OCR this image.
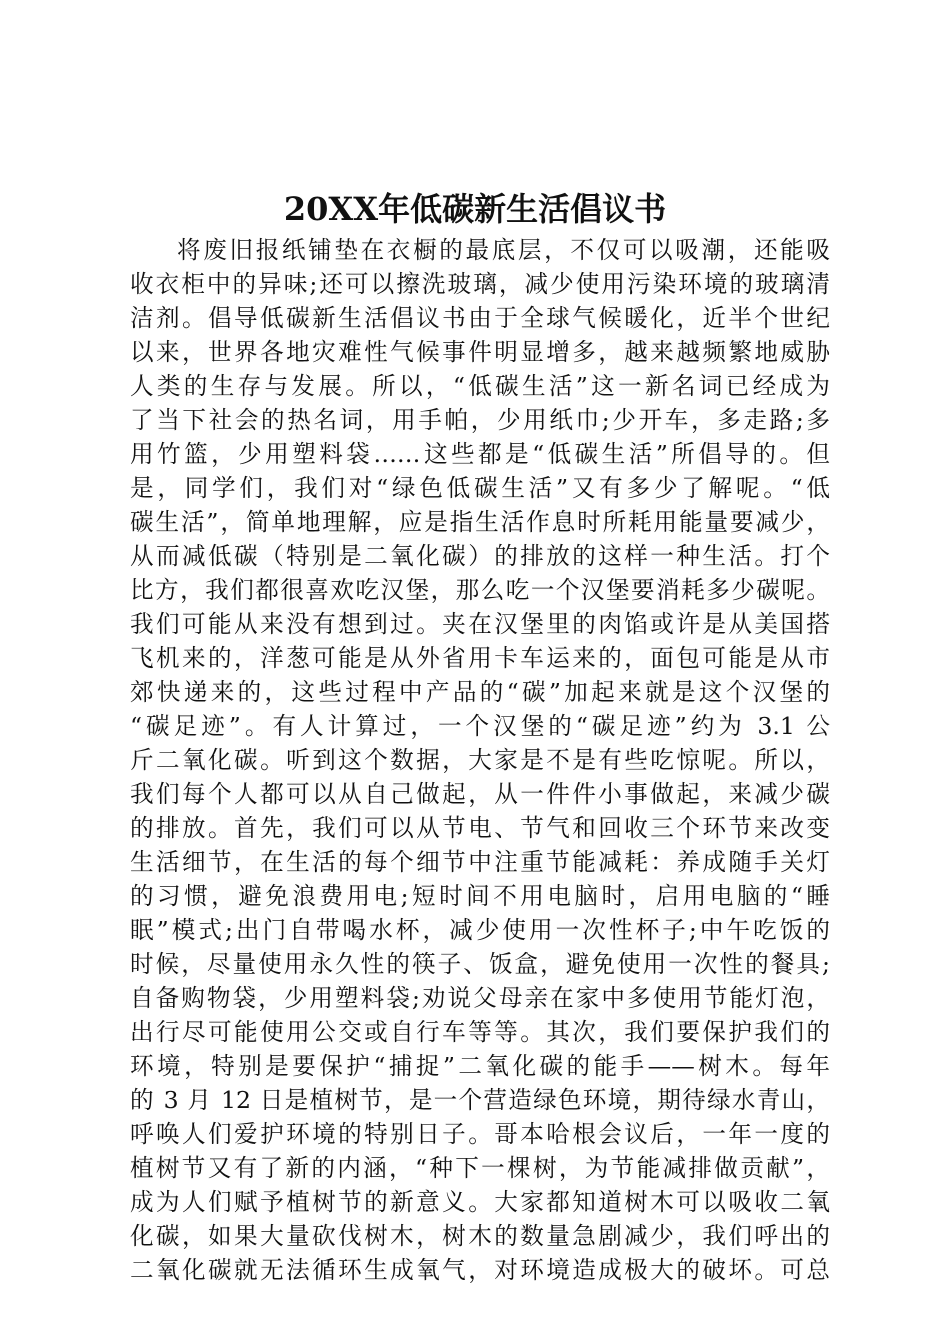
20XX年低碳新生活倡议书
将废旧报纸铺垫在衣橱的最底层，不仅可以吸潮，还能吸
收衣柜中的异味;还可以擦洗玻璃，减少使用污染环境的玻璃清
洁剂。倡导低碳新生活倡议书由于全球气候暖化，近半个世纪
以来，世界各地灾难性气候事件明显增多，越来越频繁地威胁
人类的生存与发展。所以，“低碳生活”这一新名词已经成为
了当下社会的热名词，用手帕，少用纸巾;少开车，多走路;多
用竹篮，少用塑料袋……这些都是“低碳生活”所倡导的。但
是，同学们，我们对“绿色低碳生活”又有多少了解呢。“低
碳生活”，简单地理解，应是指生活作息时所耗用能量要减少，
从而减低碳（特别是二氧化碳）的排放的这样一种生活。打个
比方，我们都很喜欢吃汉堡，那么吃一个汉堡要消耗多少碳呢。
我们可能从来没有想到过。夹在汉堡里的肉馅或许是从美国搭
飞机来的，洋葱可能是从外省用卡车运来的，面包可能是从市
郊快递来的，这些过程中产品的“碳”加起来就是这个汉堡的
“碳足迹”。有人计算过，一个汉堡的“碳足迹”约为 3.1 公
斤二氧化碳。听到这个数据，大家是不是有些吃惊呢。所以，
我们每个人都可以从自己做起，从一件件小事做起，来减少碳
的排放。首先，我们可以从节电、节气和回收三个环节来改变
生活细节，在生活的每个细节中注重节能减耗：养成随手关灯
的习惯，避免浪费用电;短时间不用电脑时，启用电脑的“睡
眠”模式;出门自带喝水杯，减少使用一次性杯子;中午吃饭的
时候，尽量使用永久性的筷子、饭盒，避免使用一次性的餐具;
自备购物袋，少用塑料袋;劝说父母亲在家中多使用节能灯泡，
出行尽可能使用公交或自行车等等。其次，我们要保护我们的
环境，特别是要保护“捕捉”二氧化碳的能手——树木。每年
的 3 月 12 日是植树节，是一个营造绿色环境，期待绿水青山，
呼唤人们爱护环境的特别日子。哥本哈根会议后，一年一度的
植树节又有了新的内涵，“种下一棵树，为节能减排做贡献”，
成为人们赋予植树节的新意义。大家都知道树木可以吸收二氧
化碳，如果大量砍伐树木，树木的数量急剧减少，我们呼出的
二氧化碳就无法循环生成氧气，对环境造成极大的破坏。可总
